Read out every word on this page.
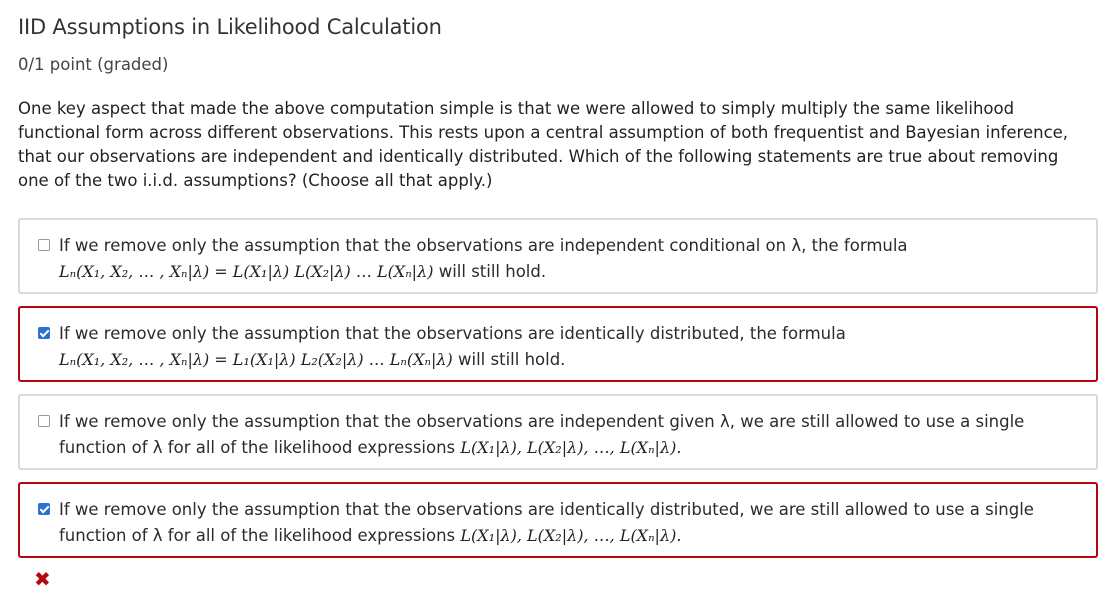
IID Assumptions in Likelihood Calculation
0/1 point (graded)
One key aspect that made the above computation simple is that we were allowed to simply multiply the same likelihood functional form across different observations. This rests upon a central assumption of both frequentist and Bayesian inference, that our observations are independent and identically distributed. Which of the following statements are true about removing one of the two i.i.d. assumptions? (Choose all that apply.)
If we remove only the assumption that the observations are independent conditional on λ, the formula
Lₙ(X₁, X₂, … , Xₙ|λ) = L(X₁|λ) L(X₂|λ) … L(Xₙ|λ) will still hold.
If we remove only the assumption that the observations are identically distributed, the formula
Lₙ(X₁, X₂, … , Xₙ|λ) = L₁(X₁|λ) L₂(X₂|λ) … Lₙ(Xₙ|λ) will still hold.
If we remove only the assumption that the observations are independent given λ, we are still allowed to use a single
function of λ for all of the likelihood expressions L(X₁|λ), L(X₂|λ), …, L(Xₙ|λ).
If we remove only the assumption that the observations are identically distributed, we are still allowed to use a single
function of λ for all of the likelihood expressions L(X₁|λ), L(X₂|λ), …, L(Xₙ|λ).
✖
